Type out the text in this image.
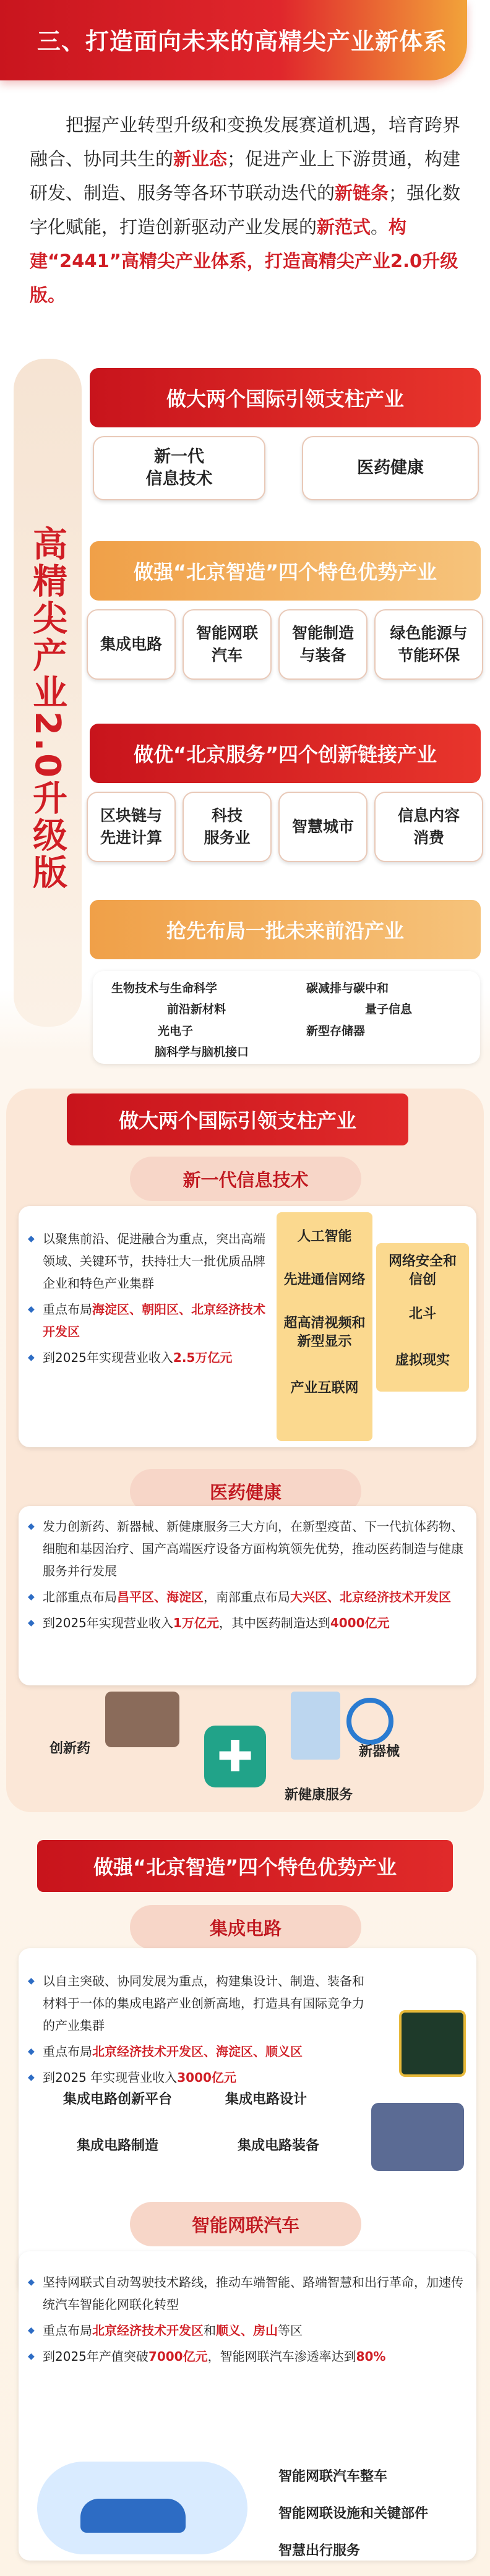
三、打造面向未来的高精尖产业新体系
把握产业转型升级和变换发展赛道机遇，培育跨界融合、协同共生的新业态；促进产业上下游贯通，构建研发、制造、服务等各环节联动迭代的新链条；强化数字化赋能，打造创新驱动产业发展的新范式。构建“2441”高精尖产业体系，打造高精尖产业2.0升级版。
高精尖产业2.0升级版
做大两个国际引领支柱产业
新一代
信息技术
医药健康
做强“北京智造”四个特色优势产业
集成电路
智能网联
汽车
智能制造
与装备
绿色能源与
节能环保
做优“北京服务”四个创新链接产业
区块链与
先进计算
科技
服务业
智慧城市
信息内容
消费
抢先布局一批未来前沿产业
生物技术与生命科学	碳减排与碳中和
前沿新材料	量子信息
光电子	新型存储器
脑科学与脑机接口
做大两个国际引领支柱产业
新一代信息技术
◆ 以聚焦前沿、促进融合为重点，突出高端领域、关键环节，扶持壮大一批优质品牌企业和特色产业集群
◆ 重点布局海淀区、朝阳区、北京经济技术开发区
◆ 到2025年实现营业收入2.5万亿元
人工智能
先进通信网络
超高清视频和
新型显示
产业互联网
网络安全和
信创
北斗
虚拟现实
医药健康
◆ 发力创新药、新器械、新健康服务三大方向，在新型疫苗、下一代抗体药物、细胞和基因治疗、国产高端医疗设备方面构筑领先优势，推动医药制造与健康服务并行发展
◆ 北部重点布局昌平区、海淀区，南部重点布局大兴区、北京经济技术开发区
◆ 到2025年实现营业收入1万亿元，其中医药制造达到4000亿元
✚
创新药	新器械
新健康服务
做强“北京智造”四个特色优势产业
集成电路
◆ 以自主突破、协同发展为重点，构建集设计、制造、装备和材料于一体的集成电路产业创新高地，打造具有国际竞争力的产业集群
◆ 重点布局北京经济技术开发区、海淀区、顺义区
◆ 到2025 年实现营业收入3000亿元
集成电路创新平台	集成电路设计
集成电路制造	集成电路装备
智能网联汽车
◆ 坚持网联式自动驾驶技术路线，推动车端智能、路端智慧和出行革命，加速传统汽车智能化网联化转型
◆ 重点布局北京经济技术开发区和顺义、房山等区
◆ 到2025年产值突破7000亿元，智能网联汽车渗透率达到80%
智能网联汽车整车
智能网联设施和关键部件
智慧出行服务
